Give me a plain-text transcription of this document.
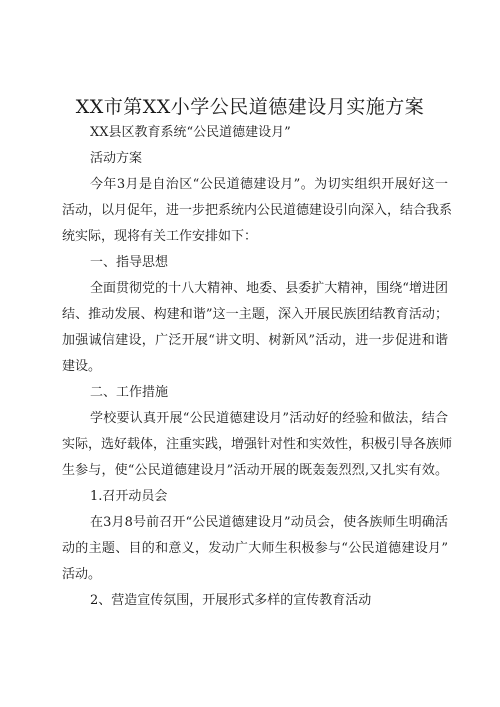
XX市第XX小学公民道德建设月实施方案
XX县区教育系统“公民道德建设月”
活动方案
今年3月是自治区“公民道德建设月”。为切实组织开展好这一
活动，以月促年，进一步把系统内公民道德建设引向深入，结合我系
统实际，现将有关工作安排如下：
一、指导思想
全面贯彻党的十八大精神、地委、县委扩大精神，围绕“增进团
结、推动发展、构建和谐”这一主题，深入开展民族团结教育活动；
加强诚信建设，广泛开展“讲文明、树新风”活动，进一步促进和谐
建设。
二、工作措施
学校要认真开展“公民道德建设月”活动好的经验和做法，结合
实际，选好载体，注重实践，增强针对性和实效性，积极引导各族师
生参与，使“公民道德建设月”活动开展的既轰轰烈烈,又扎实有效。
1.召开动员会
在3月8号前召开“公民道德建设月”动员会，使各族师生明确活
动的主题、目的和意义，发动广大师生积极参与“公民道德建设月”
活动。
2、营造宣传氛围，开展形式多样的宣传教育活动
